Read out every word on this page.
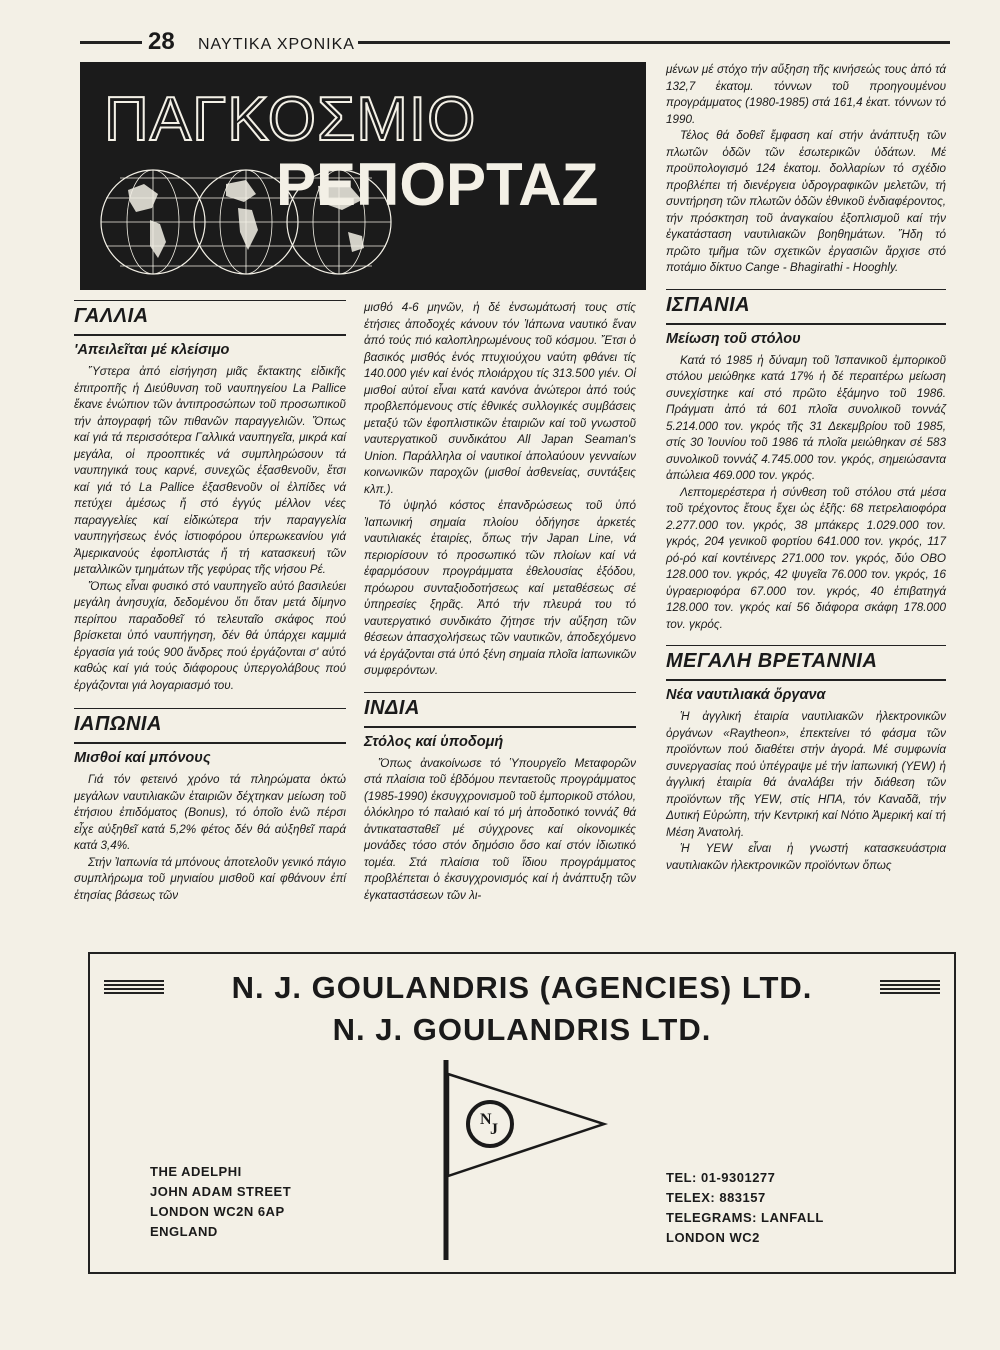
28 ΝΑΥΤΙΚΑ ΧΡΟΝΙΚΑ
ΠΑΓΚΟΣΜΙΟ
ΡΕΠΟΡΤΑΖ
ΓΑΛΛΙΑ
'Απειλεῖται μέ κλείσιμο

Ὕστερα ἀπό εἰσήγηση μιᾶς ἔκτακτης εἰδικῆς ἐπιτροπῆς ἡ Διεύθυνση τοῦ ναυπηγείου La Pallice ἔκανε ἐνώπιον τῶν ἀντιπροσώπων τοῦ προσωπικοῦ τήν ἀπογραφή τῶν πιθανῶν παραγγελιῶν. Ὅπως καί γιά τά περισσότερα Γαλλικά ναυπηγεῖα, μικρά καί μεγάλα, οἱ προοπτικές νά συμπληρώσουν τά ναυπηγικά τους καρνέ, συνεχῶς ἐξασθενοῦν, ἔτσι καί γιά τό La Pallice ἐξασθενοῦν οἱ ἐλπίδες νά πετύχει ἀμέσως ἤ στό ἐγγύς μέλλον νέες παραγγελίες καί εἰδικώτερα τήν παραγγελία ναυπηγήσεως ἑνός ἰστιοφόρου ὑπερωκεανίου γιά Ἀμερικανούς ἐφοπλιστάς ἤ τή κατασκευή τῶν μεταλλικῶν τμημάτων τῆς γεφύρας τῆς νήσου Ρέ.

Ὅπως εἶναι φυσικό στό ναυπηγεῖο αὐτό βασιλεύει μεγάλη ἀνησυχία, δεδομένου ὅτι ὅταν μετά δίμηνο περίπου παραδοθεῖ τό τελευταῖο σκάφος πού βρίσκεται ὑπό ναυπήγηση, δέν θά ὑπάρχει καμμιά ἐργασία γιά τούς 900 ἄνδρες πού ἐργάζονται σ' αὐτό καθώς καί γιά τούς διάφορους ὑπεργολάβους πού ἐργάζονται γιά λογαριασμό του.

ΙΑΠΩΝΙΑ
Μισθοί καί μπόνους

Γιά τόν φετεινό χρόνο τά πληρώματα ὀκτώ μεγάλων ναυτιλιακῶν ἑταιριῶν δέχτηκαν μείωση τοῦ ἐτήσιου ἐπιδόματος (Bonus), τό ὁποῖο ἐνῶ πέρσι εἶχε αὐξηθεῖ κατά 5,2% φέτος δέν θά αὐξηθεῖ παρά κατά 3,4%.

Στήν Ἰαπωνία τά μπόνους ἀποτελοῦν γενικό πάγιο συμπλήρωμα τοῦ μηνιαίου μισθοῦ καί φθάνουν ἐπί ἐτησίας βάσεως τῶν

μισθό 4-6 μηνῶν, ἡ δέ ἐνσωμάτωσή τους στίς ἐτήσιες ἀποδοχές κάνουν τόν Ἰάπωνα ναυτικό ἕναν ἀπό τούς πιό καλοπληρωμένους τοῦ κόσμου. Ἔτσι ὁ βασικός μισθός ἑνός πτυχιούχου ναύτη φθάνει τίς 140.000 γιέν καί ἑνός πλοιάρχου τίς 313.500 γιέν. Οἱ μισθοί αὐτοί εἶναι κατά κανόνα ἀνώτεροι ἀπό τούς προβλεπόμενους στίς ἐθνικές συλλογικές συμβάσεις μεταξύ τῶν ἐφοπλιστικῶν ἑταιριῶν καί τοῦ γνωστοῦ ναυτεργατικοῦ συνδικάτου All Japan Seaman's Union. Παράλληλα οἱ ναυτικοί ἀπολαύουν γενναίων κοινωνικῶν παροχῶν (μισθοί ἀσθενείας, συντάξεις κλπ.).

Τό ὑψηλό κόστος ἐπανδρώσεως τοῦ ὑπό Ἰαπωνική σημαία πλοίου ὁδήγησε ἀρκετές ναυτιλιακές ἑταιρίες, ὅπως τήν Japan Line, νά περιορίσουν τό προσωπικό τῶν πλοίων καί νά ἐφαρμόσουν προγράμματα ἐθελουσίας ἐξόδου, πρόωρου συνταξιοδοτήσεως καί μεταθέσεως σέ ὑπηρεσίες ξηρᾶς. Ἀπό τήν πλευρά του τό ναυτεργατικό συνδικάτο ζήτησε τήν αὔξηση τῶν θέσεων ἀπασχολήσεως τῶν ναυτικῶν, ἀποδεχόμενο νά ἐργάζονται στά ὑπό ξένη σημαία πλοῖα ἰαπωνικῶν συμφερόντων.

ΙΝΔΙΑ
Στόλος καί ὑποδομή

Ὅπως ἀνακοίνωσε τό Ὑπουργεῖο Μεταφορῶν στά πλαίσια τοῦ ἑβδόμου πενταετοῦς προγράμματος (1985-1990) ἐκσυγχρονισμοῦ τοῦ ἐμπορικοῦ στόλου, ὁλόκληρο τό παλαιό καί τό μή ἀποδοτικό τοννάζ θά ἀντικατασταθεῖ μέ σύγχρονες καί οἰκονομικές μονάδες τόσο στόν δημόσιο ὅσο καί στόν ἰδιωτικό τομέα. Στά πλαίσια τοῦ ἴδιου προγράμματος προβλέπεται ὁ ἐκσυγχρονισμός καί ἡ ἀνάπτυξη τῶν ἐγκαταστάσεων τῶν λι-

μένων μέ στόχο τήν αὔξηση τῆς κινήσεώς τους ἀπό τά 132,7 ἑκατομ. τόννων τοῦ προηγουμένου προγράμματος (1980-1985) στά 161,4 ἑκατ. τόννων τό 1990.

Τέλος θά δοθεῖ ἔμφαση καί στήν ἀνάπτυξη τῶν πλωτῶν ὁδῶν τῶν ἐσωτερικῶν ὑδάτων. Μέ προϋπολογισμό 124 ἑκατομ. δολλαρίων τό σχέδιο προβλέπει τή διενέργεια ὑδρογραφικῶν μελετῶν, τή συντήρηση τῶν πλωτῶν ὁδῶν ἐθνικοῦ ἐνδιαφέροντος, τήν πρόσκτηση τοῦ ἀναγκαίου ἐξοπλισμοῦ καί τήν ἐγκατάσταση ναυτιλιακῶν βοηθημάτων. Ἤδη τό πρῶτο τμῆμα τῶν σχετικῶν ἐργασιῶν ἄρχισε στό ποτάμιο δίκτυο Cange - Bhagirathi - Hooghly.

ΙΣΠΑΝΙΑ
Μείωση τοῦ στόλου

Κατά τό 1985 ἡ δύναμη τοῦ Ἰσπανικοῦ ἐμπορικοῦ στόλου μειώθηκε κατά 17% ἡ δέ περαιτέρω μείωση συνεχίστηκε καί στό πρῶτο ἑξάμηνο τοῦ 1986. Πράγματι ἀπό τά 601 πλοῖα συνολικοῦ τοννάζ 5.214.000 τον. γκρός τῆς 31 Δεκεμβρίου τοῦ 1985, στίς 30 Ἰουνίου τοῦ 1986 τά πλοῖα μειώθηκαν σέ 583 συνολικοῦ τοννάζ 4.745.000 τον. γκρός, σημειώσαντα ἀπώλεια 469.000 τον. γκρός.

Λεπτομερέστερα ἡ σύνθεση τοῦ στόλου στά μέσα τοῦ τρέχοντος ἔτους ἔχει ὡς ἑξῆς: 68 πετρελαιοφόρα 2.277.000 τον. γκρός, 38 μπάκερς 1.029.000 τον. γκρός, 204 γενικοῦ φορτίου 641.000 τον. γκρός, 117 ρό-ρό καί κοντέινερς 271.000 τον. γκρός, δύο ΟΒΟ 128.000 τον. γκρός, 42 ψυγεῖα 76.000 τον. γκρός, 16 ὑγραεριοφόρα 67.000 τον. γκρός, 40 ἐπιβατηγά 128.000 τον. γκρός καί 56 διάφορα σκάφη 178.000 τον. γκρός.

ΜΕΓΑΛΗ ΒΡΕΤΑΝΝΙΑ
Νέα ναυτιλιακά ὄργανα

Ἡ ἀγγλική ἑταιρία ναυτιλιακῶν ἠλεκτρονικῶν ὀργάνων «Raytheon», ἐπεκτείνει τό φάσμα τῶν προϊόντων πού διαθέτει στήν ἀγορά. Μέ συμφωνία συνεργασίας πού ὑπέγραψε μέ τήν ἰαπωνική (YEW) ἡ ἀγγλική ἑταιρία θά ἀναλάβει τήν διάθεση τῶν προϊόντων τῆς YEW, στίς ΗΠΑ, τόν Καναδᾶ, τήν Δυτική Εὐρώπη, τήν Κεντρική καί Νότιο Ἀμερική καί τή Μέση Ἀνατολή.

Ἡ YEW εἶναι ἡ γνωστή κατασκευάστρια ναυτιλιακῶν ἠλεκτρονικῶν προϊόντων ὅπως

N. J. GOULANDRIS (AGENCIES) LTD.
N. J. GOULANDRIS LTD.
N
J
THE ADELPHI
JOHN ADAM STREET
LONDON WC2N 6AP
ENGLAND
TEL: 01-9301277
TELEX: 883157
TELEGRAMS: LANFALL
LONDON WC2
